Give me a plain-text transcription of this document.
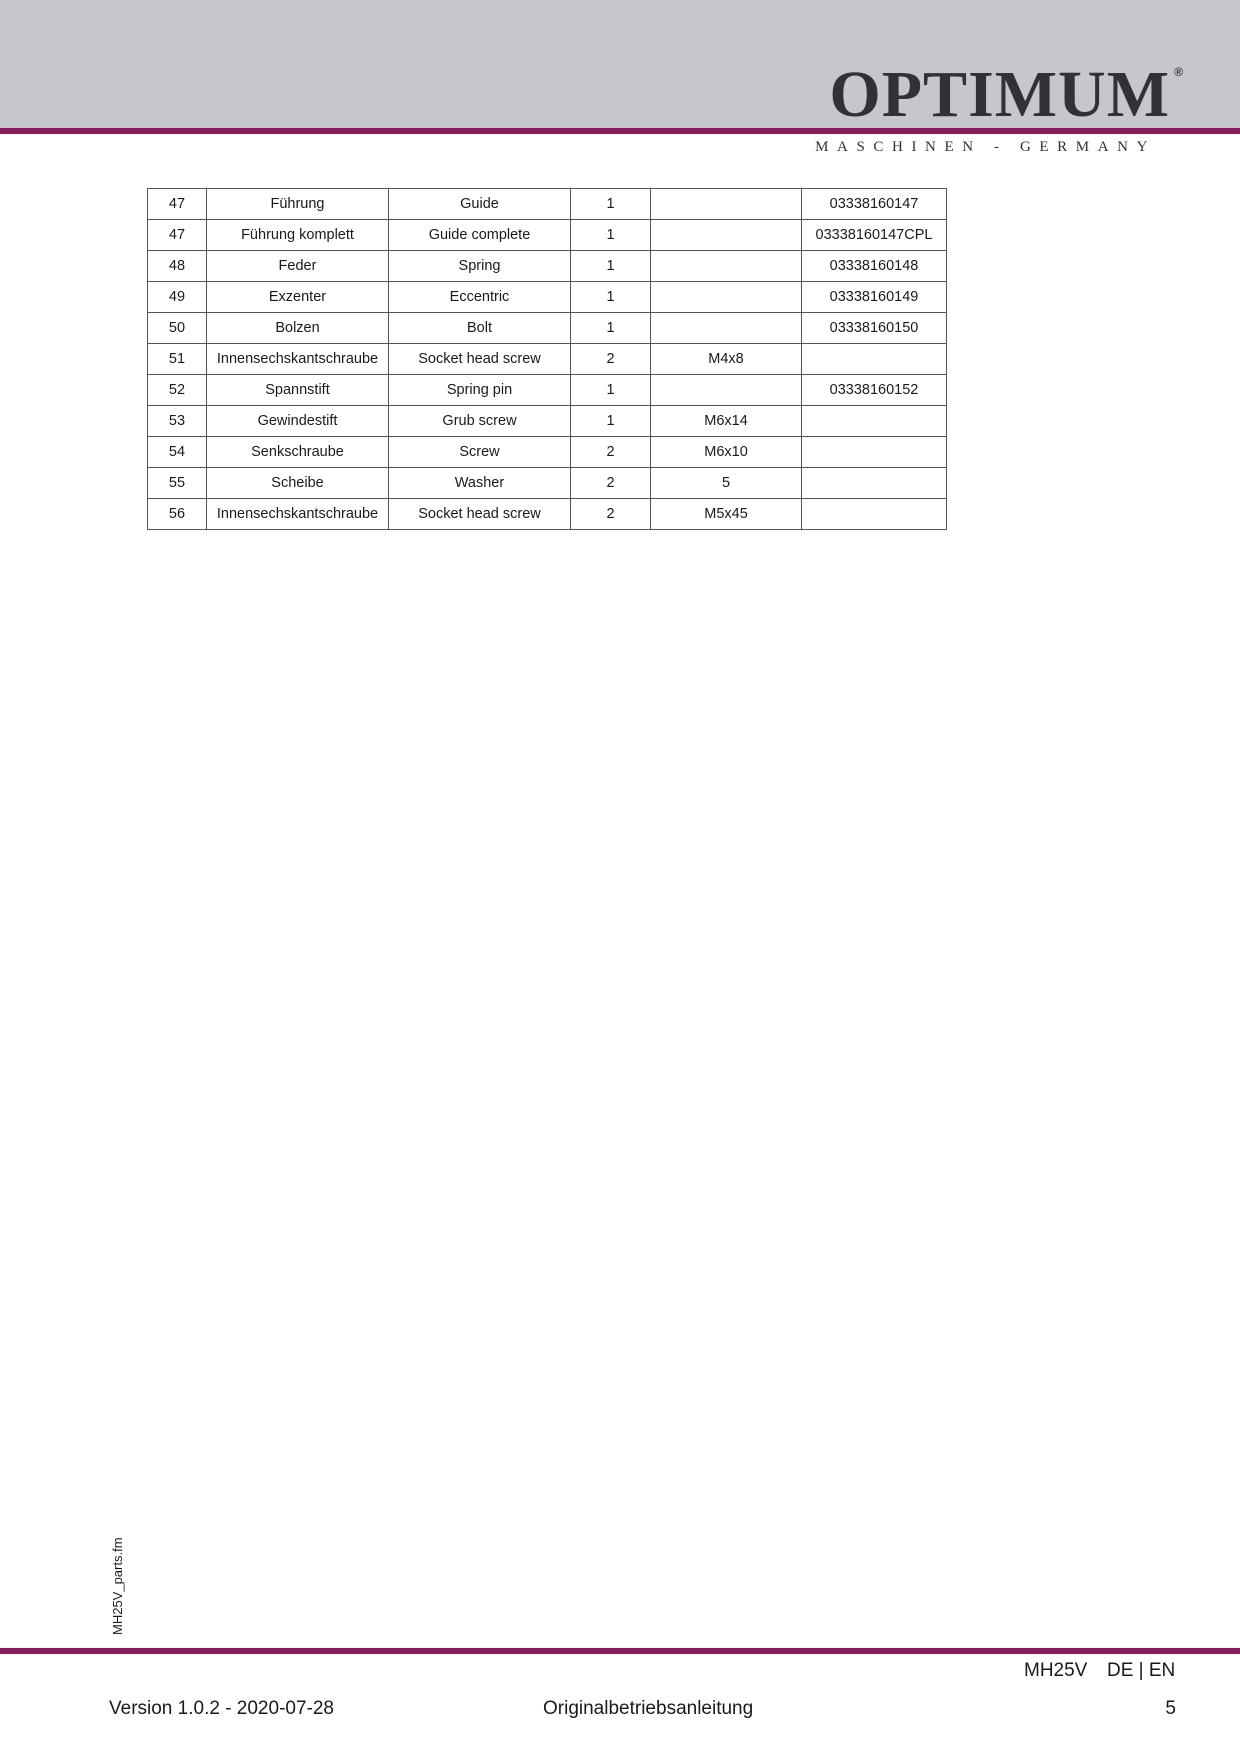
OPTIMUM ®
MASCHINEN - GERMANY
47	Führung	Guide	1		03338160147
47	Führung komplett	Guide complete	1		03338160147CPL
48	Feder	Spring	1		03338160148
49	Exzenter	Eccentric	1		03338160149
50	Bolzen	Bolt	1		03338160150
51	Innensechskantschraube	Socket head screw	2	M4x8	
52	Spannstift	Spring pin	1		03338160152
53	Gewindestift	Grub screw	1	M6x14	
54	Senkschraube	Screw	2	M6x10	
55	Scheibe	Washer	2	5	
56	Innensechskantschraube	Socket head screw	2	M5x45	
MH25V_parts.fm
MH25V DE | EN
Version 1.0.2 - 2020-07-28	Originalbetriebsanleitung	5
